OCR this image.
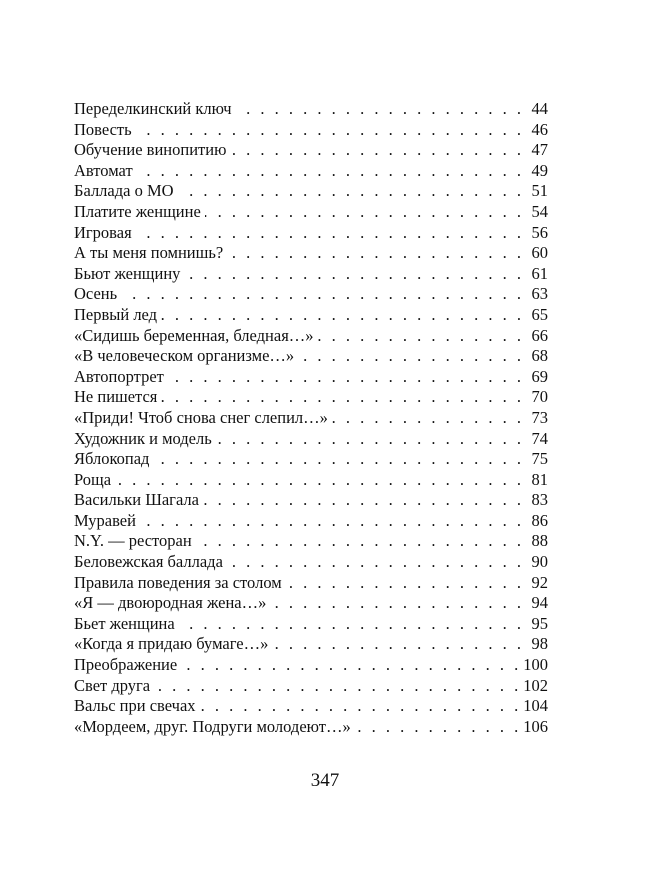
Переделкинский ключ . . .	44
Повесть . . .	46
Обучение винопитию . . .	47
Автомат . . .	49
Баллада о МО . . .	51
Платите женщине . . .	54
Игровая . . .	56
А ты меня помнишь? . . .	60
Бьют женщину . . .	61
Осень . . .	63
Первый лед . . .	65
«Сидишь беременная, бледная…» . . .	66
«В человеческом организме…» . . .	68
Автопортрет . . .	69
Не пишется . . .	70
«Приди! Чтоб снова снег слепил…» . . .	73
Художник и модель . . .	74
Яблокопад . . .	75
Роща . . .	81
Васильки Шагала . . .	83
Муравей . . .	86
N.Y. — ресторан . . .	88
Беловежская баллада . . .	90
Правила поведения за столом . . .	92
«Я — двоюродная жена…» . . .	94
Бьет женщина . . .	95
«Когда я придаю бумаге…» . . .	98
Преображение . . .	100
Свет друга . . .	102
Вальс при свечах . . .	104
«Мордеем, друг. Подруги молодеют…» . . .	106
347
